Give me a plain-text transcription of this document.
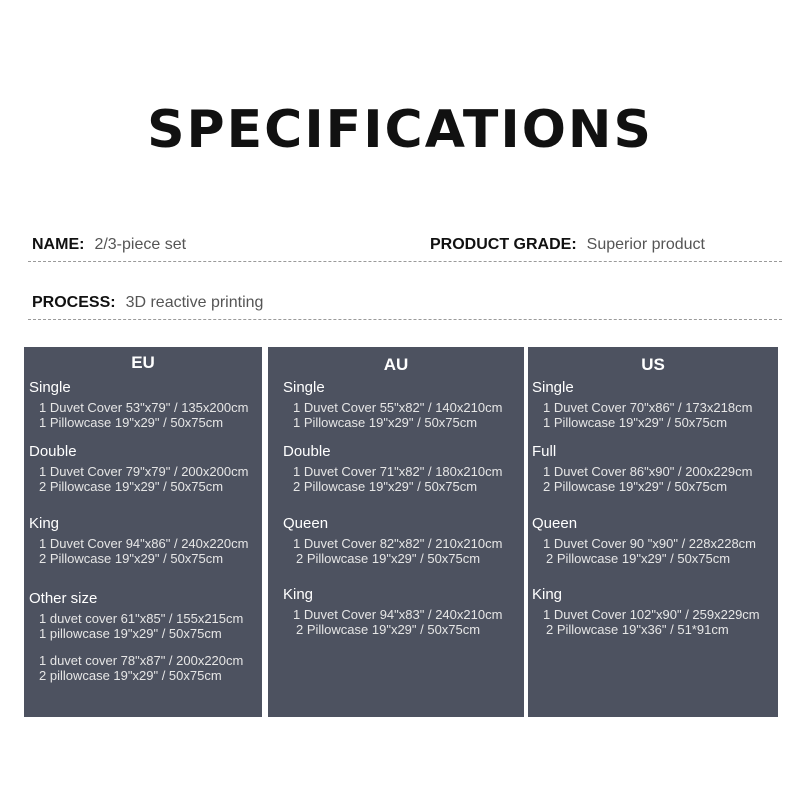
SPECIFICATIONS
NAME: 2/3-piece set	PRODUCT GRADE: Superior product
PROCESS: 3D reactive printing
EU
Single
1 Duvet Cover 53"x79" / 135x200cm
1 Pillowcase 19"x29" / 50x75cm
Double
1 Duvet Cover 79"x79" / 200x200cm
2 Pillowcase 19"x29" / 50x75cm
King
1 Duvet Cover 94"x86" / 240x220cm
2 Pillowcase 19"x29" / 50x75cm
Other size
1 duvet cover 61"x85" / 155x215cm
1 pillowcase 19"x29" / 50x75cm
1 duvet cover 78"x87" / 200x220cm
2 pillowcase 19"x29" / 50x75cm
AU
Single
1 Duvet Cover 55"x82" / 140x210cm
1 Pillowcase 19"x29" / 50x75cm
Double
1 Duvet Cover 71"x82" / 180x210cm
2 Pillowcase 19"x29" / 50x75cm
Queen
1 Duvet Cover 82"x82" / 210x210cm
2 Pillowcase 19"x29" / 50x75cm
King
1 Duvet Cover 94"x83" / 240x210cm
2 Pillowcase 19"x29" / 50x75cm
US
Single
1 Duvet Cover 70"x86" / 173x218cm
1 Pillowcase 19"x29" / 50x75cm
Full
1 Duvet Cover 86"x90" / 200x229cm
2 Pillowcase 19"x29" / 50x75cm
Queen
1 Duvet Cover 90 "x90" / 228x228cm
2 Pillowcase 19"x29" / 50x75cm
King
1 Duvet Cover 102"x90" / 259x229cm
2 Pillowcase 19"x36" / 51*91cm
